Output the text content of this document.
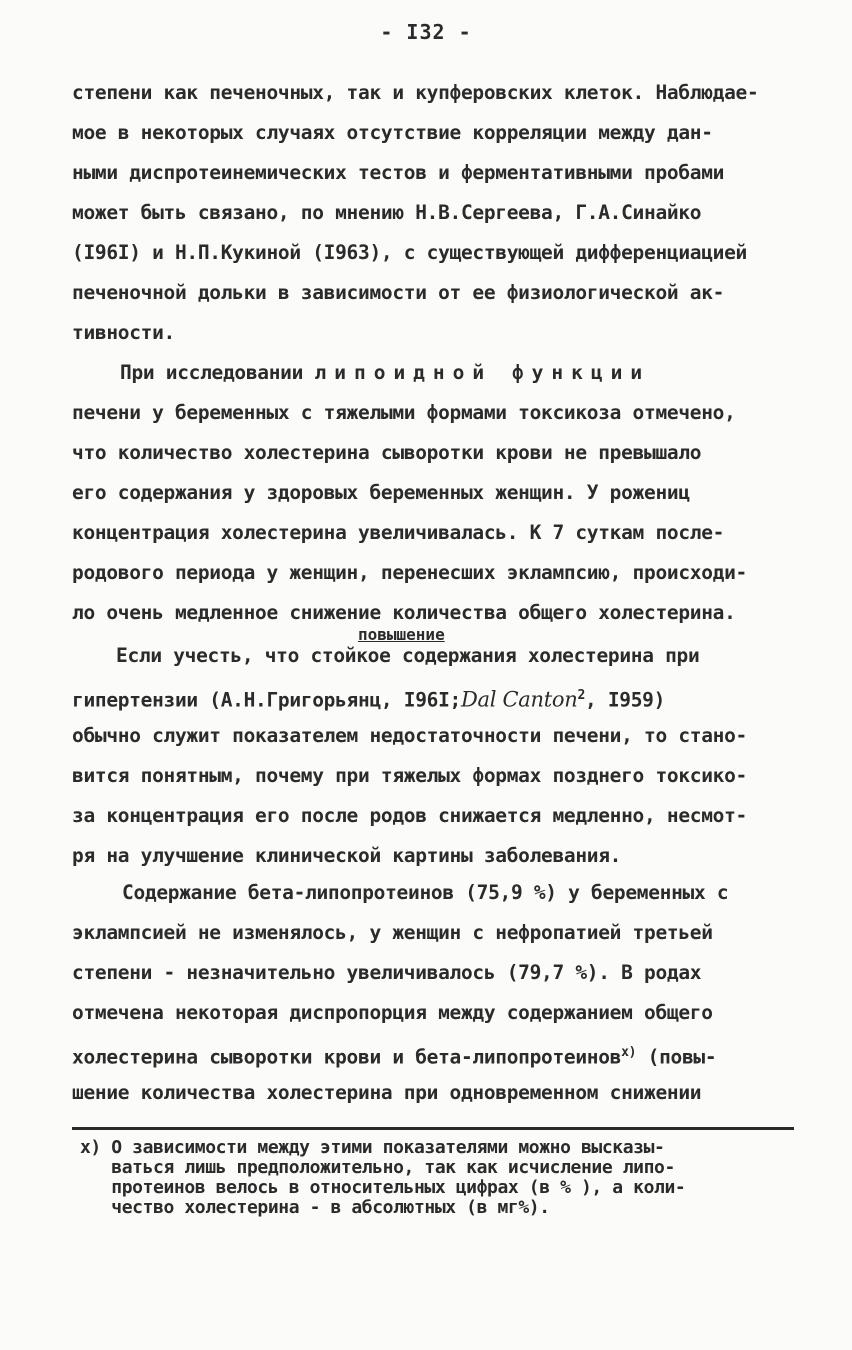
- I32 -
степени как печеночных, так и купферовских клеток. Наблюдае-
мое в некоторых случаях отсутствие корреляции между дан-
ными диспротеинемических тестов и ферментативными пробами
может быть связано, по мнению Н.В.Сергеева, Г.А.Синайко
(I96I) и Н.П.Кукиной (I963), с существующей дифференциацией
печеночной дольки в зависимости от ее физиологической ак-
тивности.
При исследовании липоидной функции
печени у беременных с тяжелыми формами токсикоза отмечено,
что количество холестерина сыворотки крови не превышало
его содержания у здоровых беременных женщин. У рожениц
концентрация холестерина увеличивалась. К 7 суткам после-
родового периода у женщин, перенесших эклампсию, происходи-
ло очень медленное снижение количества общего холестерина.
повышение
Если учесть, что стойкое содержания холестерина при
гипертензии (А.Н.Григорьянц, I96I;Dal Canton$^2$, I959)
обычно служит показателем недостаточности печени, то стано-
вится понятным, почему при тяжелых формах позднего токсико-
за концентрация его после родов снижается медленно, несмот-
ря на улучшение клинической картины заболевания.
Содержание бета-липопротеинов (75,9 %) у беременных с
эклампсией не изменялось, у женщин с нефропатией третьей
степени - незначительно увеличивалось (79,7 %). В родах
отмечена некоторая диспропорция между содержанием общего
холестерина сыворотки крови и бета-липопротеинов$^{x)}$ (повы-
шение количества холестерина при одновременном снижении
x) О зависимости между этими показателями можно высказы-
ваться лишь предположительно, так как исчисление липо-
протеинов велось в относительных цифрах (в % ), а коли-
чество холестерина - в абсолютных (в мг%).
